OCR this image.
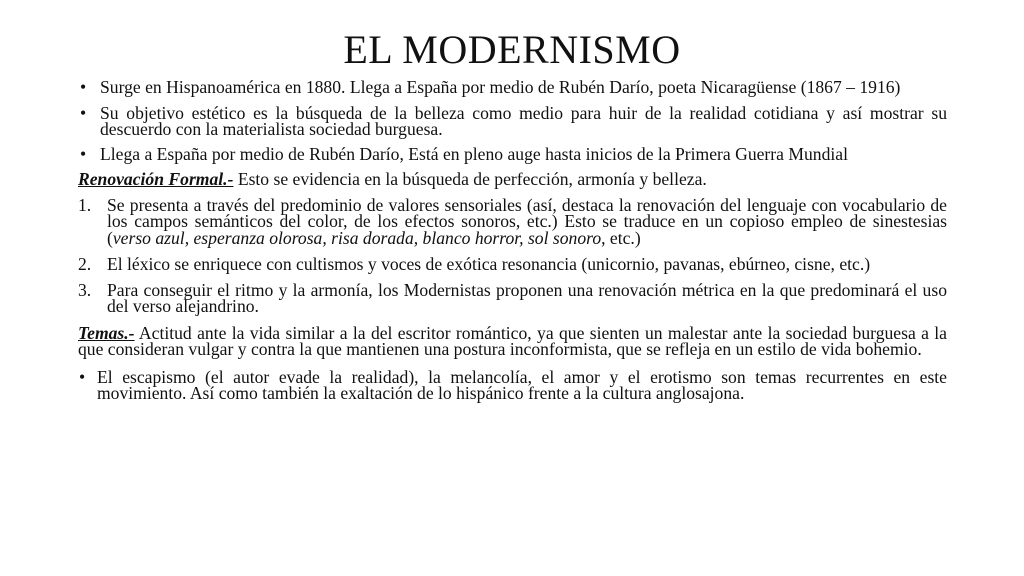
EL MODERNISMO
• Surge en Hispanoamérica en 1880. Llega a España por medio de Rubén Darío, poeta Nicaragüense (1867 – 1916)
• Su objetivo estético es la búsqueda de la belleza como medio para huir de la realidad cotidiana y así mostrar su descuerdo con la materialista sociedad burguesa.
• Llega a España por medio de Rubén Darío, Está en pleno auge hasta inicios de la Primera Guerra Mundial
Renovación Formal.- Esto se evidencia en la búsqueda de perfección, armonía y belleza.
1. Se presenta a través del predominio de valores sensoriales (así, destaca la renovación del lenguaje con vocabulario de los campos semánticos del color, de los efectos sonoros, etc.) Esto se traduce en un copioso empleo de sinestesias (verso azul, esperanza olorosa, risa dorada, blanco horror, sol sonoro, etc.)
2. El léxico se enriquece con cultismos y voces de exótica resonancia (unicornio, pavanas, ebúrneo, cisne, etc.)
3. Para conseguir el ritmo y la armonía, los Modernistas proponen una renovación métrica en la que predominará el uso del verso alejandrino.
Temas.- Actitud ante la vida similar a la del escritor romántico, ya que sienten un malestar ante la sociedad burguesa a la que consideran vulgar y contra la que mantienen una postura inconformista, que se refleja en un estilo de vida bohemio.
• El escapismo (el autor evade la realidad), la melancolía, el amor y el erotismo son temas recurrentes en este movimiento. Así como también la exaltación de lo hispánico frente a la cultura anglosajona.
